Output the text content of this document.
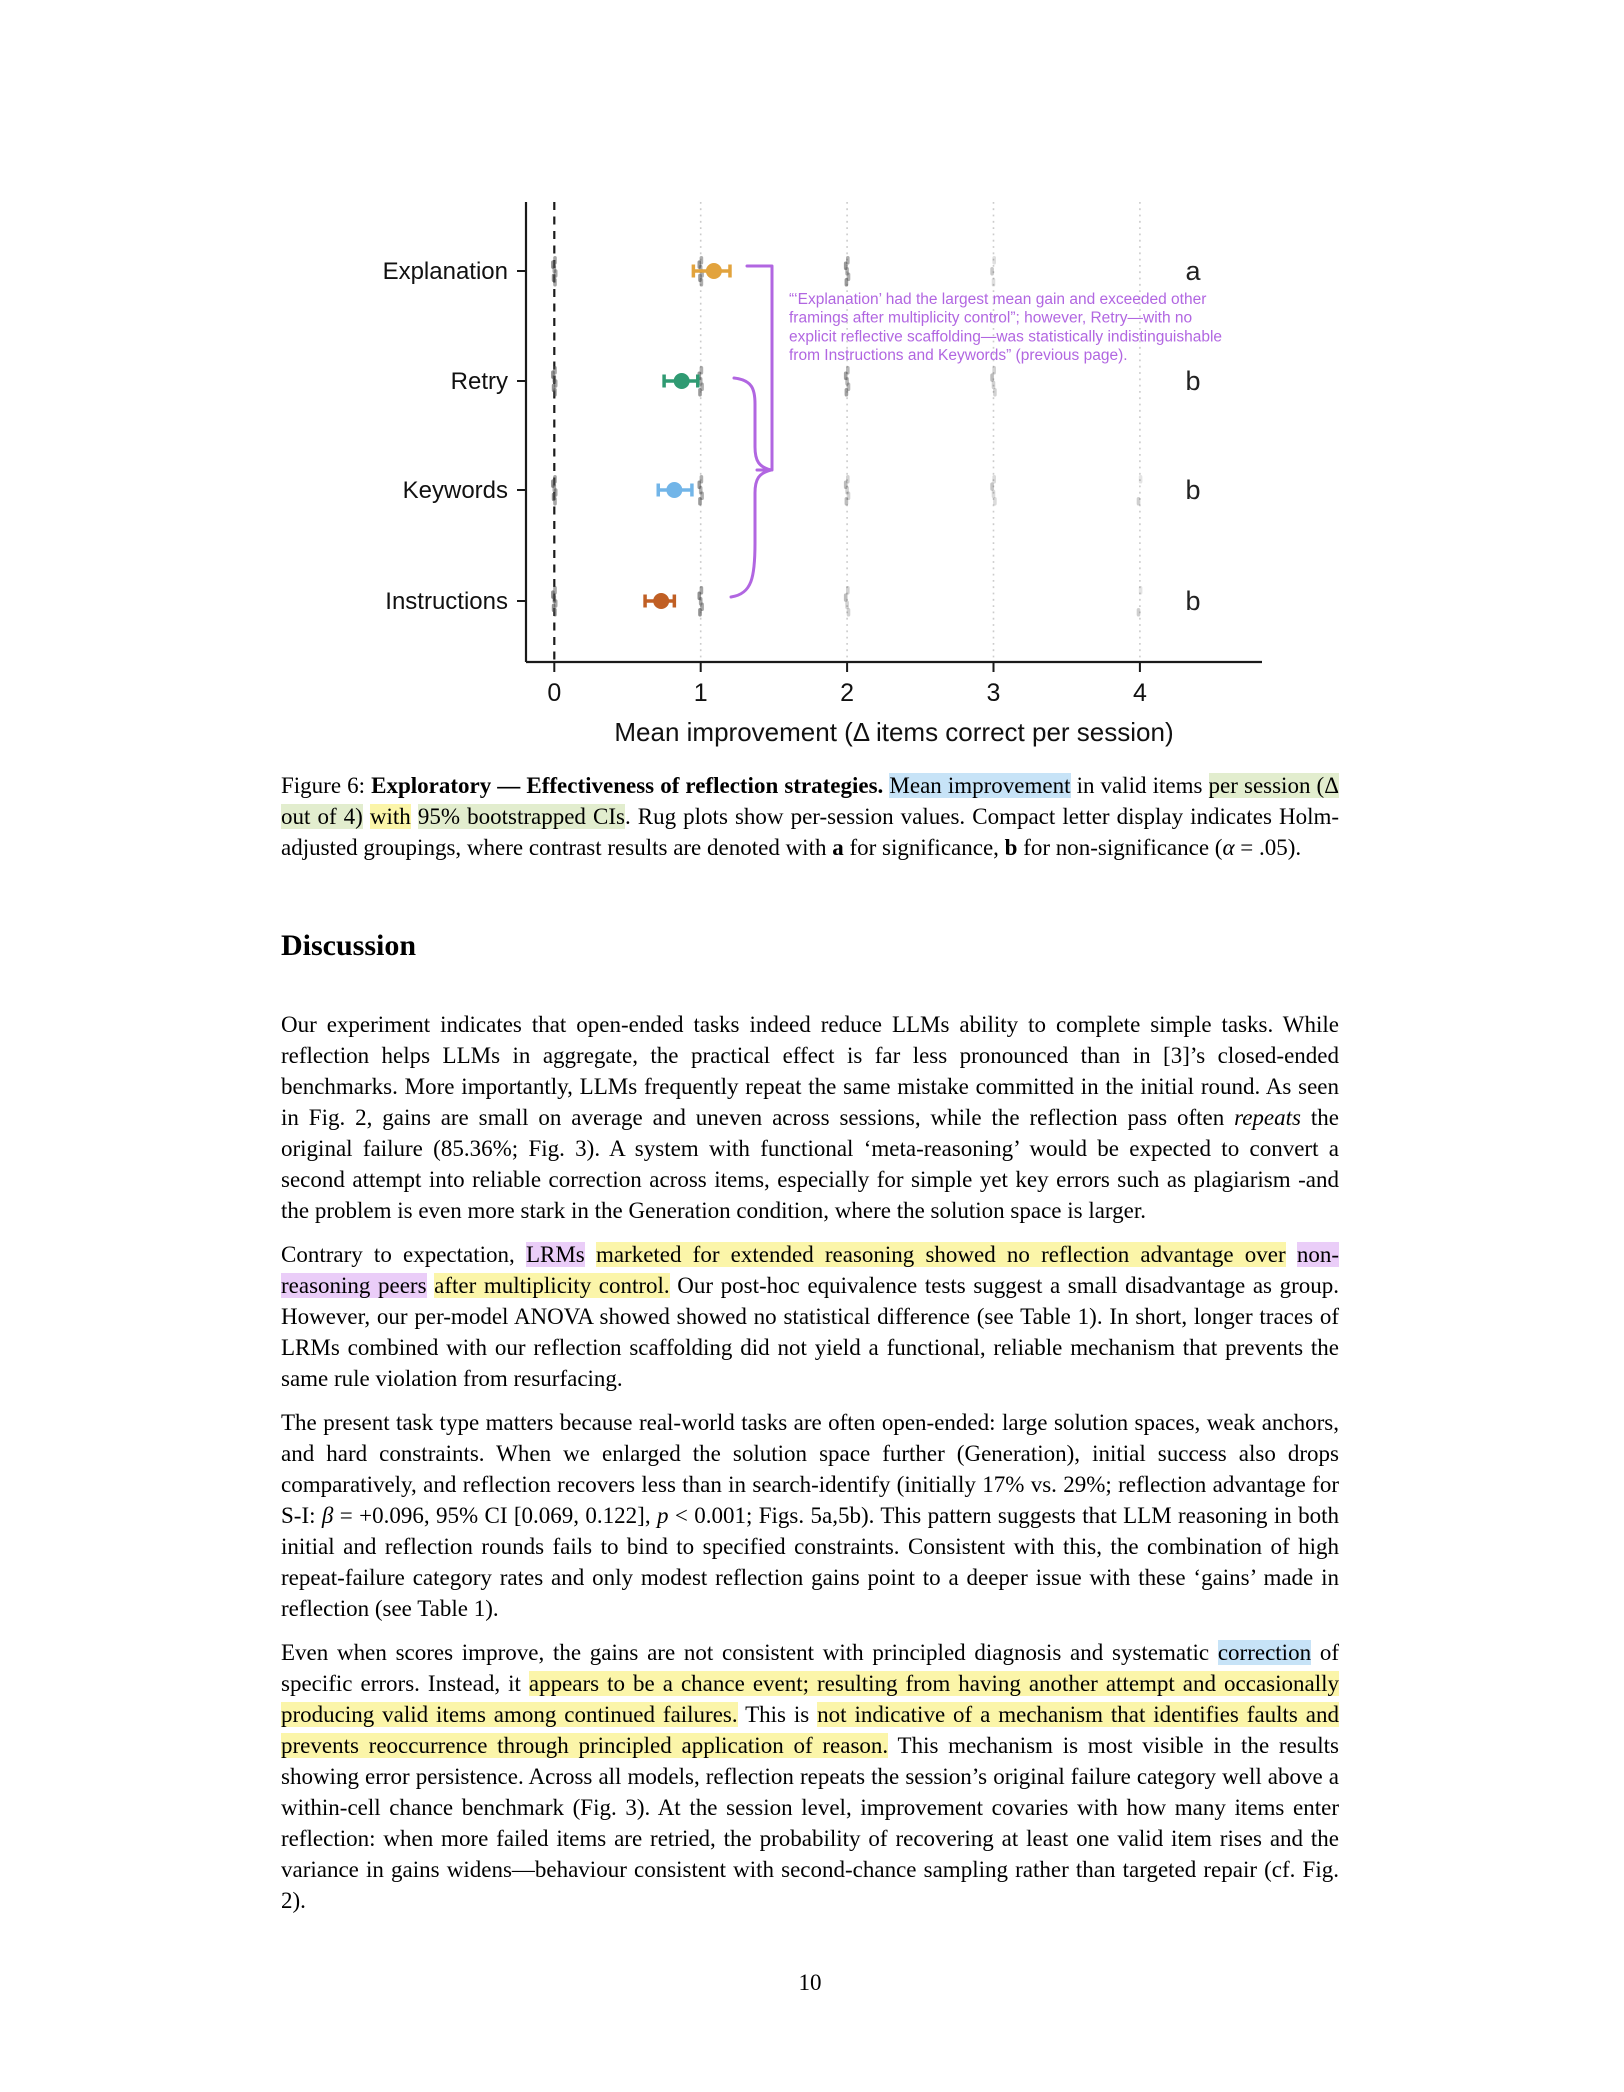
0	1	2	3	4
Mean improvement (Δ items correct per session)
Explanation	a
Retry	b
Keywords	b
Instructions	b
“‘Explanation’ had the largest mean gain and exceeded other
framings after multiplicity control”; however, Retry—with no
explicit reflective scaffolding—was statistically indistinguishable
from Instructions and Keywords” (previous page).
Figure 6: Exploratory — Effectiveness of reflection strategies. Mean improvement in valid items per session (Δ out of 4) with 95% bootstrapped CIs. Rug plots show per-session values. Compact letter display indicates Holm-adjusted groupings, where contrast results are denoted with a for significance, b for non-significance (α = .05).
Discussion
Our experiment indicates that open-ended tasks indeed reduce LLMs ability to complete simple tasks. While reflection helps LLMs in aggregate, the practical effect is far less pronounced than in [3]’s closed-ended benchmarks. More importantly, LLMs frequently repeat the same mistake committed in the initial round. As seen in Fig. 2, gains are small on average and uneven across sessions, while the reflection pass often repeats the original failure (85.36%; Fig. 3). A system with functional ‘meta-reasoning’ would be expected to convert a second attempt into reliable correction across items, especially for simple yet key errors such as plagiarism -and the problem is even more stark in the Generation condition, where the solution space is larger.
Contrary to expectation, LRMs marketed for extended reasoning showed no reflection advantage over non-reasoning peers after multiplicity control. Our post-hoc equivalence tests suggest a small disadvantage as group. However, our per-model ANOVA showed showed no statistical difference (see Table 1). In short, longer traces of LRMs combined with our reflection scaffolding did not yield a functional, reliable mechanism that prevents the same rule violation from resurfacing.
The present task type matters because real-world tasks are often open-ended: large solution spaces, weak anchors, and hard constraints. When we enlarged the solution space further (Generation), initial success also drops comparatively, and reflection recovers less than in search-identify (initially 17% vs. 29%; reflection advantage for S-I: β = +0.096, 95% CI [0.069, 0.122], p < 0.001; Figs. 5a,5b). This pattern suggests that LLM reasoning in both initial and reflection rounds fails to bind to specified constraints. Consistent with this, the combination of high repeat-failure category rates and only modest reflection gains point to a deeper issue with these ‘gains’ made in reflection (see Table 1).
Even when scores improve, the gains are not consistent with principled diagnosis and systematic correction of specific errors. Instead, it appears to be a chance event; resulting from having another attempt and occasionally producing valid items among continued failures. This is not indicative of a mechanism that identifies faults and prevents reoccurrence through principled application of reason. This mechanism is most visible in the results showing error persistence. Across all models, reflection repeats the session’s original failure category well above a within-cell chance benchmark (Fig. 3). At the session level, improvement covaries with how many items enter reflection: when more failed items are retried, the probability of recovering at least one valid item rises and the variance in gains widens—behaviour consistent with second-chance sampling rather than targeted repair (cf. Fig. 2).
10
